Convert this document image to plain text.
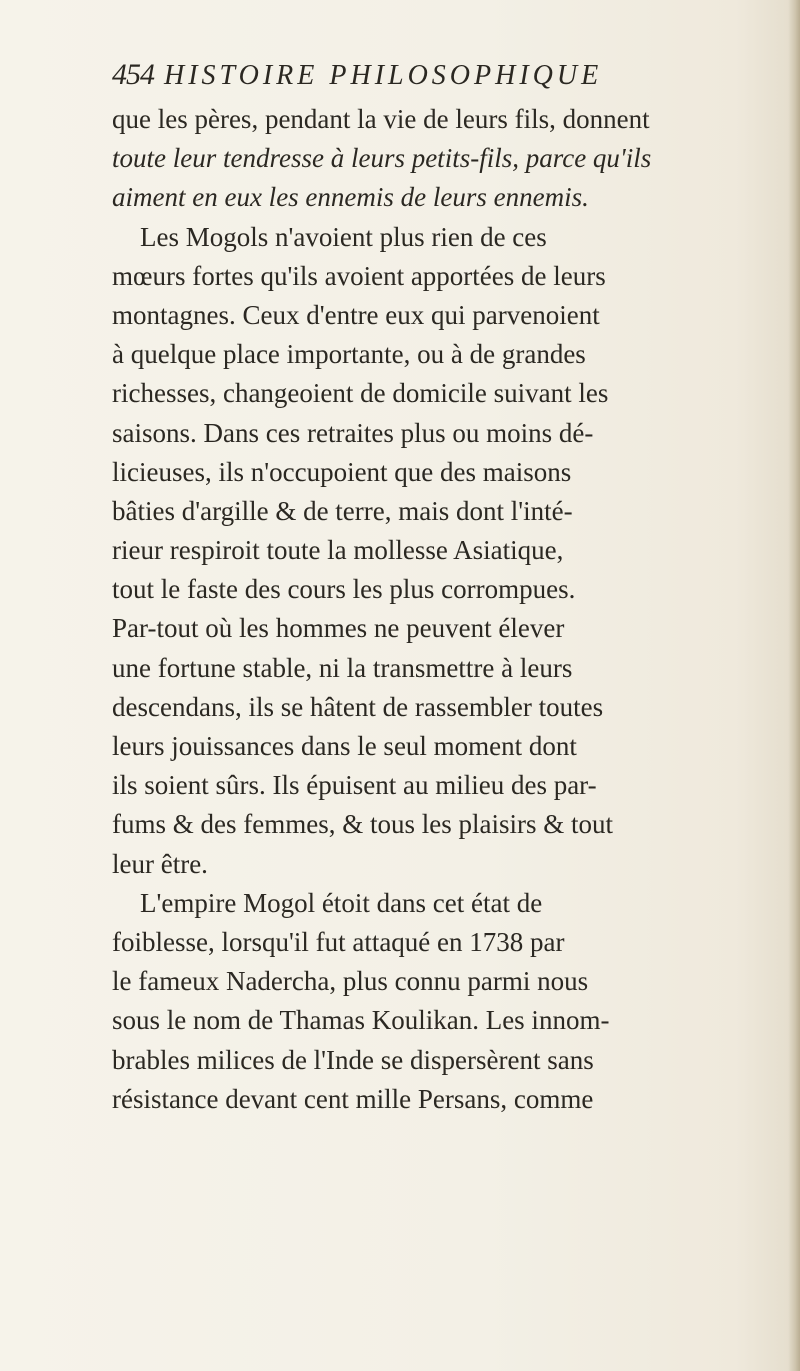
454 HISTOIRE PHILOSOPHIQUE
que les pères, pendant la vie de leurs fils, donnent
toute leur tendresse à leurs petits-fils, parce qu'ils
aiment en eux les ennemis de leurs ennemis.
Les Mogols n'avoient plus rien de ces
mœurs fortes qu'ils avoient apportées de leurs
montagnes. Ceux d'entre eux qui parvenoient
à quelque place importante, ou à de grandes
richesses, changeoient de domicile suivant les
saisons. Dans ces retraites plus ou moins dé-
licieuses, ils n'occupoient que des maisons
bâties d'argille & de terre, mais dont l'inté-
rieur respiroit toute la mollesse Asiatique,
tout le faste des cours les plus corrompues.
Par-tout où les hommes ne peuvent élever
une fortune stable, ni la transmettre à leurs
descendans, ils se hâtent de rassembler toutes
leurs jouissances dans le seul moment dont
ils soient sûrs. Ils épuisent au milieu des par-
fums & des femmes, & tous les plaisirs & tout
leur être.
L'empire Mogol étoit dans cet état de
foiblesse, lorsqu'il fut attaqué en 1738 par
le fameux Nadercha, plus connu parmi nous
sous le nom de Thamas Koulikan. Les innom-
brables milices de l'Inde se dispersèrent sans
résistance devant cent mille Persans, comme
